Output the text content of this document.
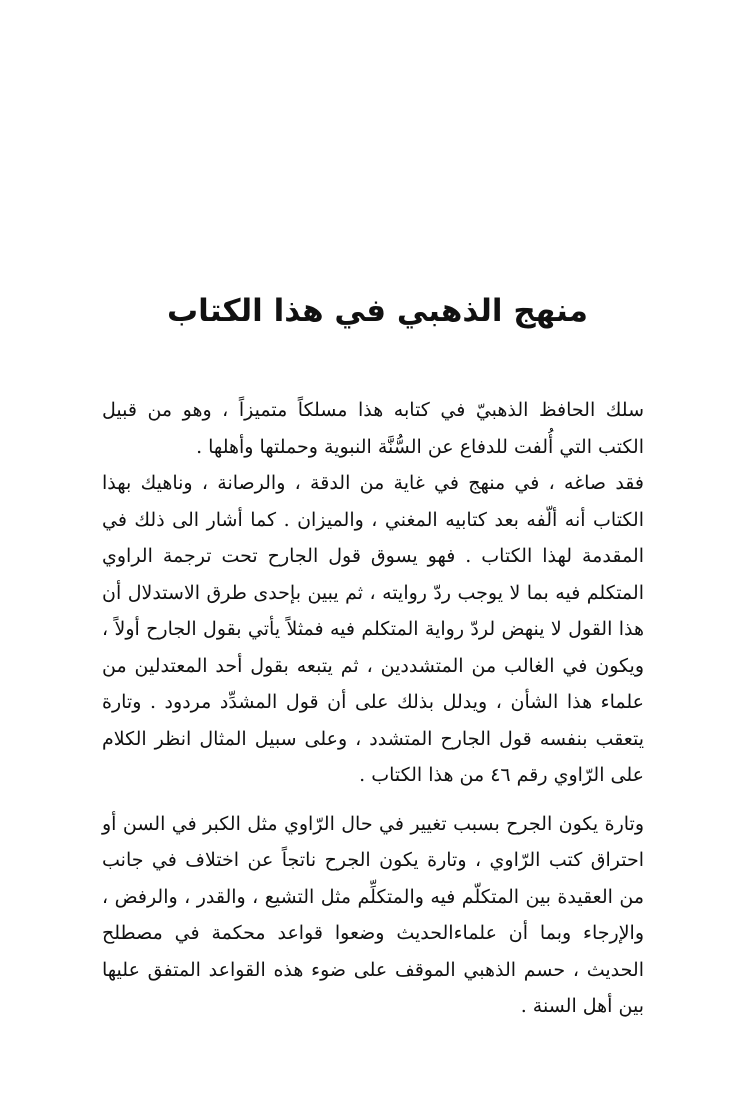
منهج الذهبي في هذا الكتاب

سلك الحافظ الذهبيّ في كتابه هذا مسلكاً متميزاً ، وهو من قبيل الكتب التي أُلفت للدفاع عن السُّنَّة النبوية وحملتها وأهلها .

فقد صاغه ، في منهج في غاية من الدقة ، والرصانة ، وناهيك بهذا الكتاب أنه ألّفه بعد كتابيه المغني ، والميزان . كما أشار الى ذلك في المقدمة لهذا الكتاب . فهو يسوق قول الجارح تحت ترجمة الراوي المتكلم فيه بما لا يوجب ردّ روايته ، ثم يبين بإحدى طرق الاستدلال أن هذا القول لا ينهض لردّ رواية المتكلم فيه فمثلاً يأتي بقول الجارح أولاً ، ويكون في الغالب من المتشددين ، ثم يتبعه بقول أحد المعتدلين من علماء هذا الشأن ، ويدلل بذلك على أن قول المشدِّد مردود . وتارة يتعقب بنفسه قول الجارح المتشدد ، وعلى سبيل المثال انظر الكلام على الرّاوي رقم ٤٦ من هذا الكتاب .

وتارة يكون الجرح بسبب تغيير في حال الرّاوي مثل الكبر في السن أو احتراق كتب الرّاوي ، وتارة يكون الجرح ناتجاً عن اختلاف في جانب من العقيدة بين المتكلّم فيه والمتكلِّم مثل التشيع ، والقدر ، والرفض ، والإرجاء وبما أن علماءالحديث وضعوا قواعد محكمة في مصطلح الحديث ، حسم الذهبي الموقف على ضوء هذه القواعد المتفق عليها بين أهل السنة .
